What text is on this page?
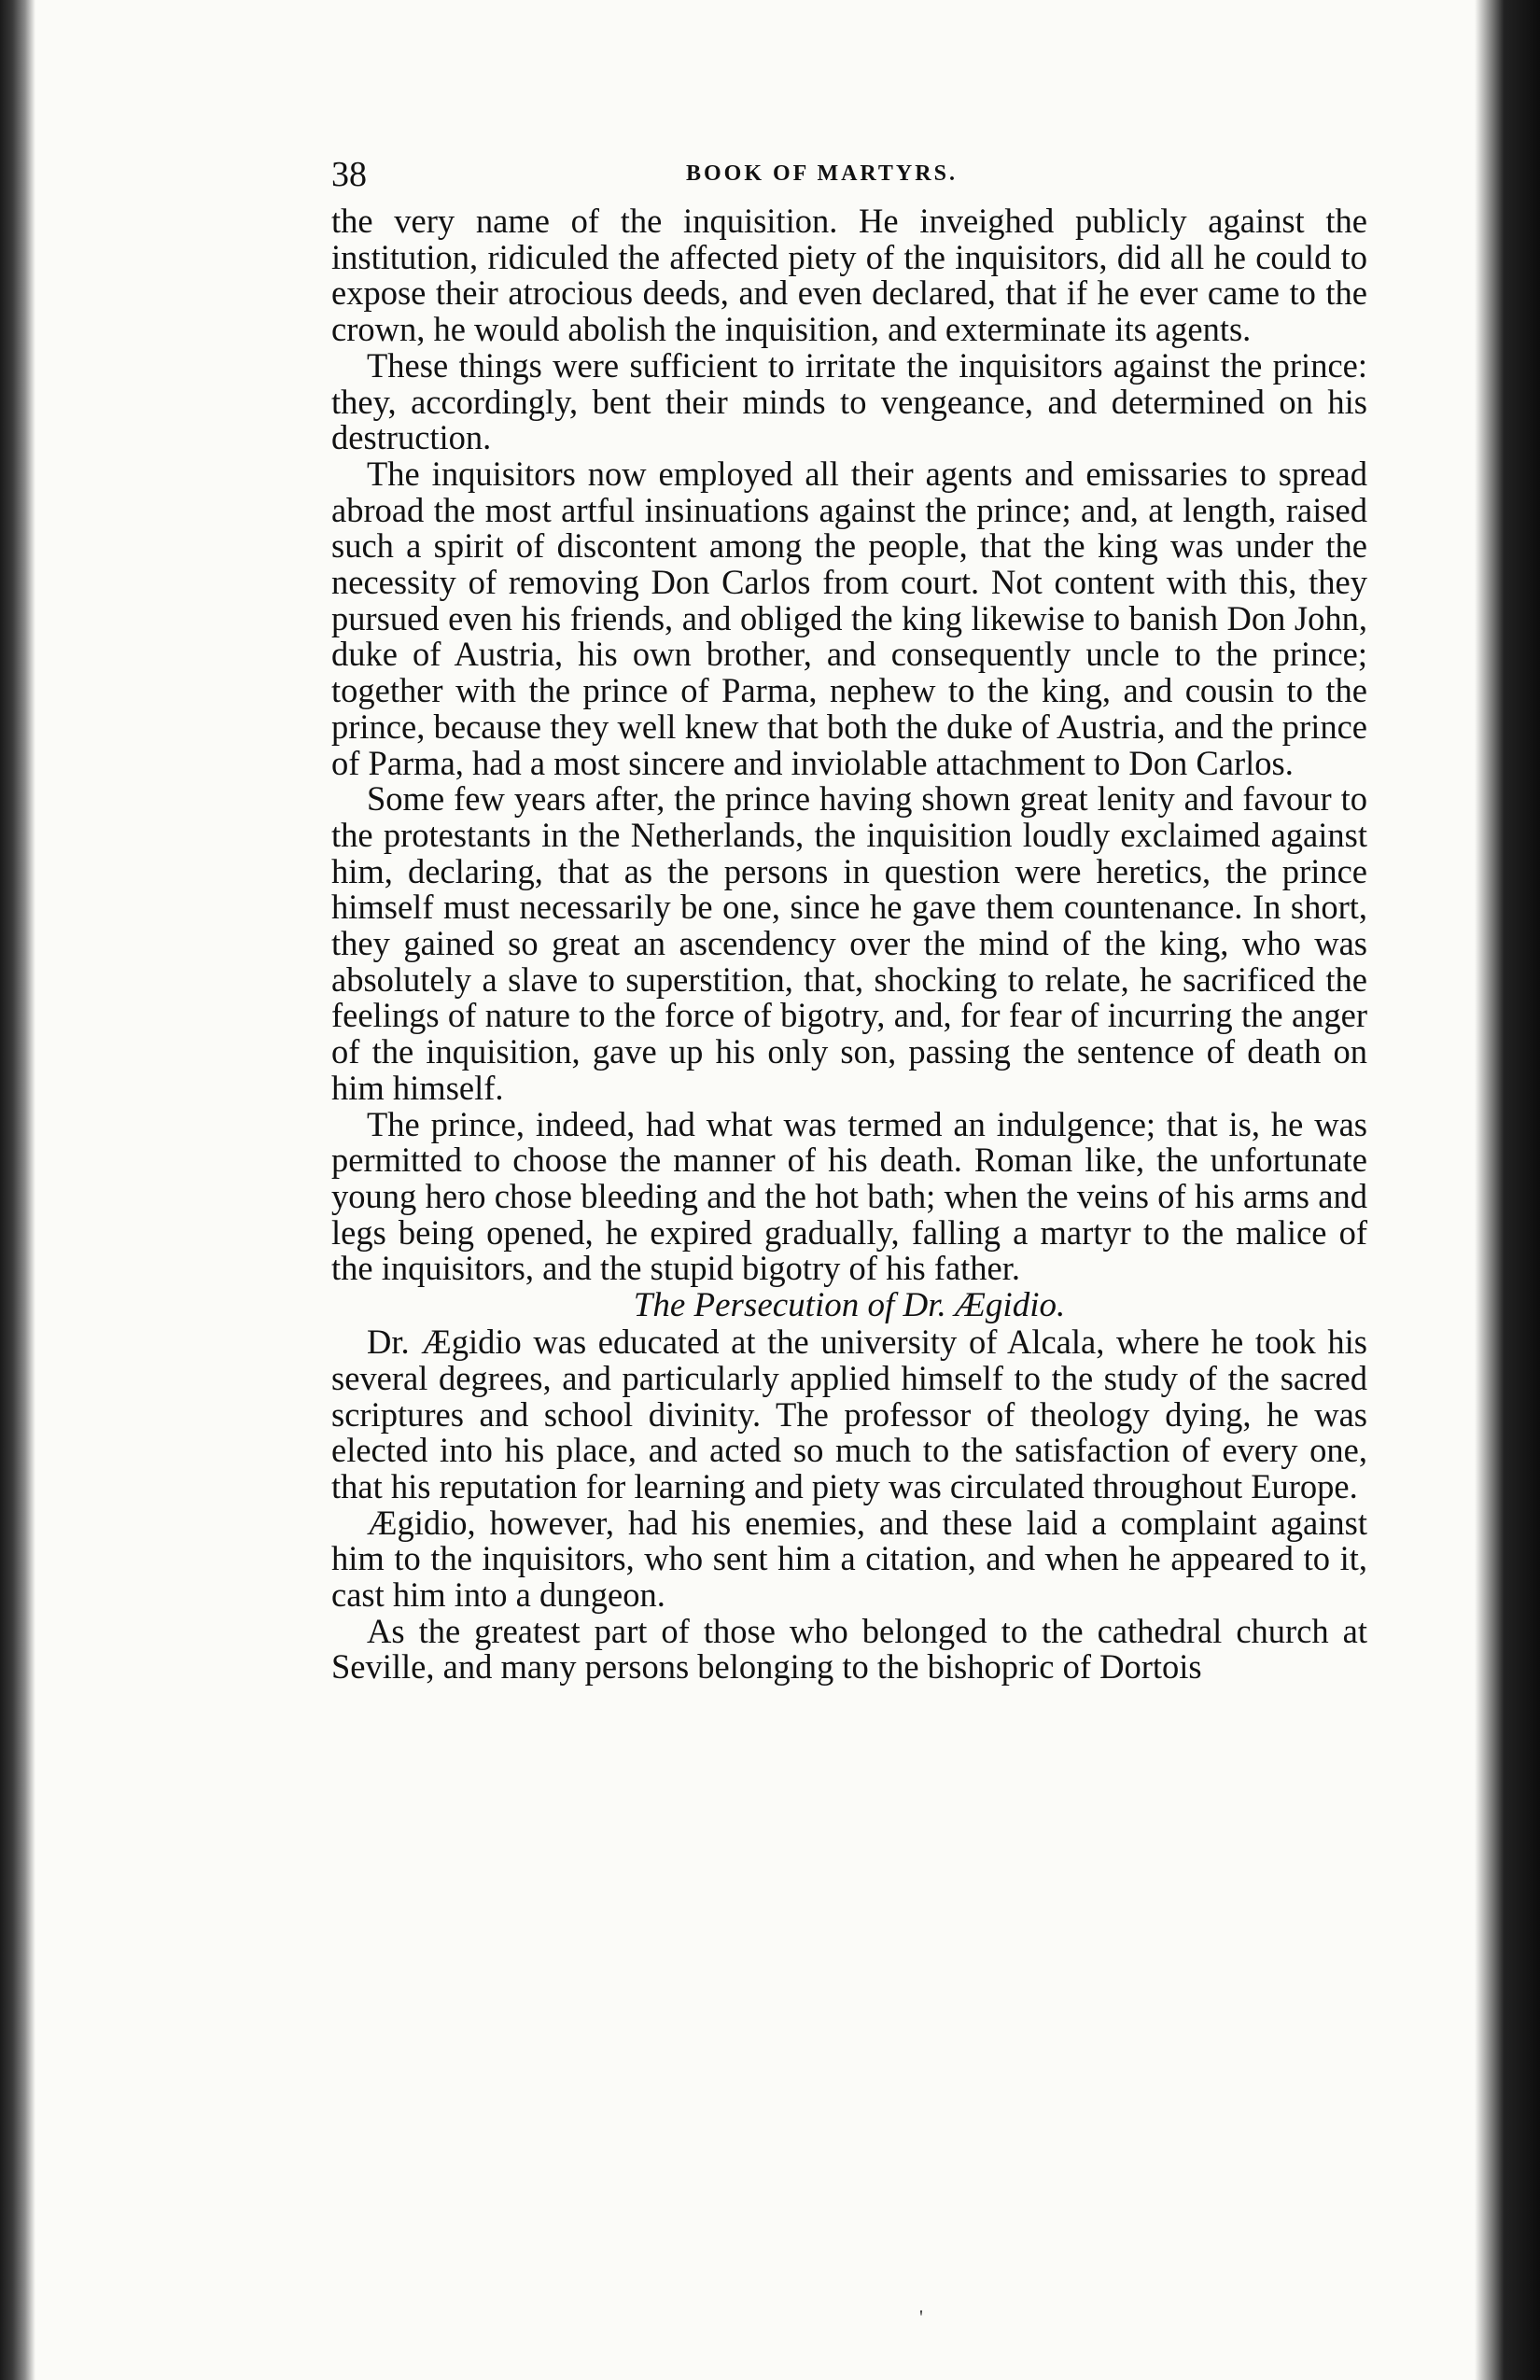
38	BOOK OF MARTYRS.

the very name of the inquisition. He inveighed publicly against the institution, ridiculed the affected piety of the inquisitors, did all he could to expose their atrocious deeds, and even declared, that if he ever came to the crown, he would abolish the inquisition, and exterminate its agents.

These things were sufficient to irritate the inquisitors against the prince: they, accordingly, bent their minds to vengeance, and determined on his destruction.

The inquisitors now employed all their agents and emissaries to spread abroad the most artful insinuations against the prince; and, at length, raised such a spirit of discontent among the people, that the king was under the necessity of removing Don Carlos from court. Not content with this, they pursued even his friends, and obliged the king likewise to banish Don John, duke of Austria, his own brother, and consequently uncle to the prince; together with the prince of Parma, nephew to the king, and cousin to the prince, because they well knew that both the duke of Austria, and the prince of Parma, had a most sincere and inviolable attachment to Don Carlos.

Some few years after, the prince having shown great lenity and favour to the protestants in the Netherlands, the inquisition loudly exclaimed against him, declaring, that as the persons in question were heretics, the prince himself must necessarily be one, since he gave them countenance. In short, they gained so great an ascendency over the mind of the king, who was absolutely a slave to superstition, that, shocking to relate, he sacrificed the feelings of nature to the force of bigotry, and, for fear of incurring the anger of the inquisition, gave up his only son, passing the sentence of death on him himself.

The prince, indeed, had what was termed an indulgence; that is, he was permitted to choose the manner of his death. Roman like, the unfortunate young hero chose bleeding and the hot bath; when the veins of his arms and legs being opened, he expired gradually, falling a martyr to the malice of the inquisitors, and the stupid bigotry of his father.

The Persecution of Dr. Ægidio.

Dr. Ægidio was educated at the university of Alcala, where he took his several degrees, and particularly applied himself to the study of the sacred scriptures and school divinity. The professor of theology dying, he was elected into his place, and acted so much to the satisfaction of every one, that his reputation for learning and piety was circulated throughout Europe.

Ægidio, however, had his enemies, and these laid a complaint against him to the inquisitors, who sent him a citation, and when he appeared to it, cast him into a dungeon.

As the greatest part of those who belonged to the cathedral church at Seville, and many persons belonging to the bishopric of Dortois

'
